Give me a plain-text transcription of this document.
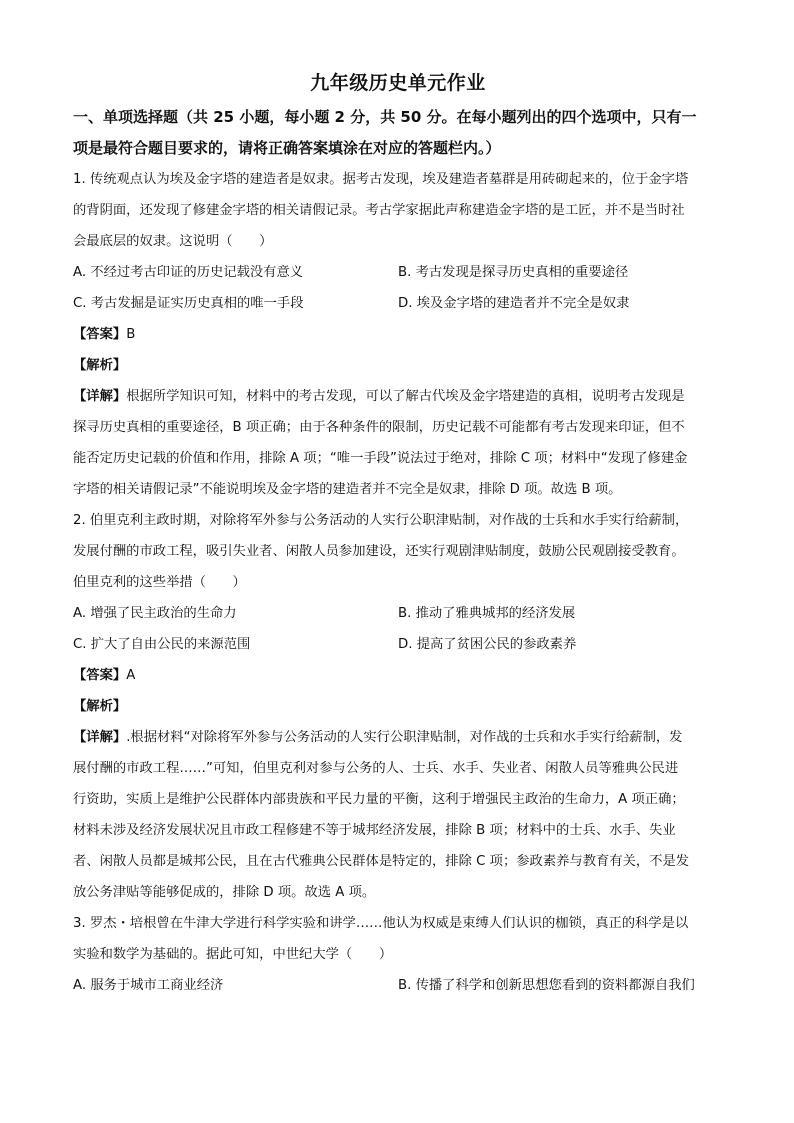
九年级历史单元作业
一、单项选择题（共 25 小题，每小题 2 分，共 50 分。在每小题列出的四个选项中，只有一
项是最符合题目要求的，请将正确答案填涂在对应的答题栏内。）
1. 传统观点认为埃及金字塔的建造者是奴隶。据考古发现，埃及建造者墓群是用砖砌起来的，位于金字塔
的背阴面，还发现了修建金字塔的相关请假记录。考古学家据此声称建造金字塔的是工匠，并不是当时社
会最底层的奴隶。这说明（　　）
A. 不经过考古印证的历史记载没有意义	B. 考古发现是探寻历史真相的重要途径
C. 考古发掘是证实历史真相的唯一手段	D. 埃及金字塔的建造者并不完全是奴隶
【答案】B
【解析】
【详解】根据所学知识可知，材料中的考古发现，可以了解古代埃及金字塔建造的真相，说明考古发现是
探寻历史真相的重要途径，B 项正确；由于各种条件的限制，历史记载不可能都有考古发现来印证，但不
能否定历史记载的价值和作用，排除 A 项；“唯一手段”说法过于绝对，排除 C 项；材料中“发现了修建金
字塔的相关请假记录”不能说明埃及金字塔的建造者并不完全是奴隶，排除 D 项。故选 B 项。
2. 伯里克利主政时期，对除将军外参与公务活动的人实行公职津贴制，对作战的士兵和水手实行给薪制，
发展付酬的市政工程，吸引失业者、闲散人员参加建设，还实行观剧津贴制度，鼓励公民观剧接受教育。
伯里克利的这些举措（　　）
A. 增强了民主政治的生命力	B. 推动了雅典城邦的经济发展
C. 扩大了自由公民的来源范围	D. 提高了贫困公民的参政素养
【答案】A
【解析】
【详解】.根据材料“对除将军外参与公务活动的人实行公职津贴制，对作战的士兵和水手实行给薪制，发
展付酬的市政工程……”可知，伯里克利对参与公务的人、士兵、水手、失业者、闲散人员等雅典公民进
行资助，实质上是维护公民群体内部贵族和平民力量的平衡，这利于增强民主政治的生命力，A 项正确；
材料未涉及经济发展状况且市政工程修建不等于城邦经济发展，排除 B 项；材料中的士兵、水手、失业
者、闲散人员都是城邦公民，且在古代雅典公民群体是特定的，排除 C 项；参政素养与教育有关，不是发
放公务津贴等能够促成的，排除 D 项。故选 A 项。
3. 罗杰・培根曾在牛津大学进行科学实验和讲学……他认为权威是束缚人们认识的枷锁，真正的科学是以
实验和数学为基础的。据此可知，中世纪大学（　　）
A. 服务于城市工商业经济	B. 传播了科学和创新思想您看到的资料都源自我们
